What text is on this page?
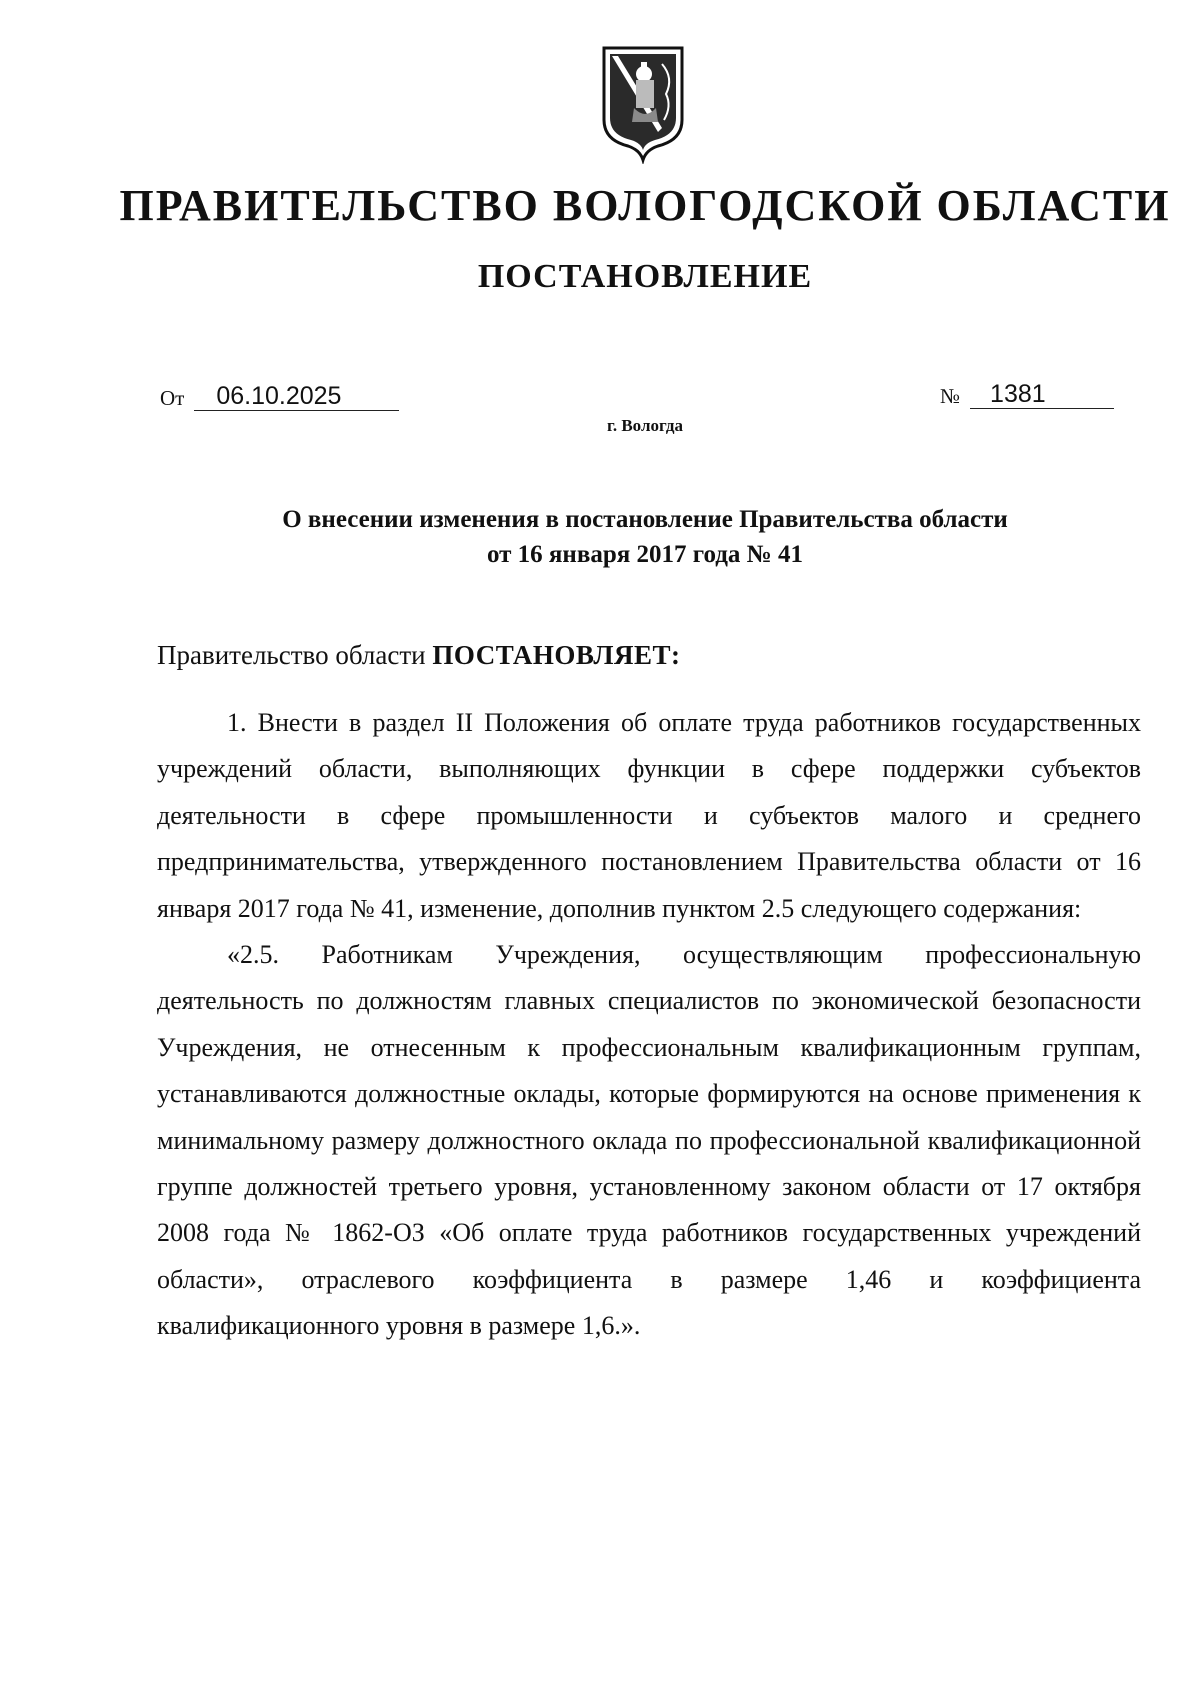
ПРАВИТЕЛЬСТВО ВОЛОГОДСКОЙ ОБЛАСТИ
ПОСТАНОВЛЕНИЕ
От 06.10.2025	№ 1381
г. Вологда
О внесении изменения в постановление Правительства области
от 16 января 2017 года № 41
Правительство области ПОСТАНОВЛЯЕТ:

1. Внести в раздел II Положения об оплате труда работников государственных учреждений области, выполняющих функции в сфере поддержки субъектов деятельности в сфере промышленности и субъектов малого и среднего предпринимательства, утвержденного постановлением Правительства области от 16 января 2017 года № 41, изменение, дополнив пунктом 2.5 следующего содержания:

«2.5. Работникам Учреждения, осуществляющим профессиональную деятельность по должностям главных специалистов по экономической безопасности Учреждения, не отнесенным к профессиональным квалификационным группам, устанавливаются должностные оклады, которые формируются на основе применения к минимальному размеру должностного оклада по профессиональной квалификационной группе должностей третьего уровня, установленному законом области от 17 октября 2008 года № 1862-ОЗ «Об оплате труда работников государственных учреждений области», отраслевого коэффициента в размере 1,46 и коэффициента квалификационного уровня в размере 1,6.».
